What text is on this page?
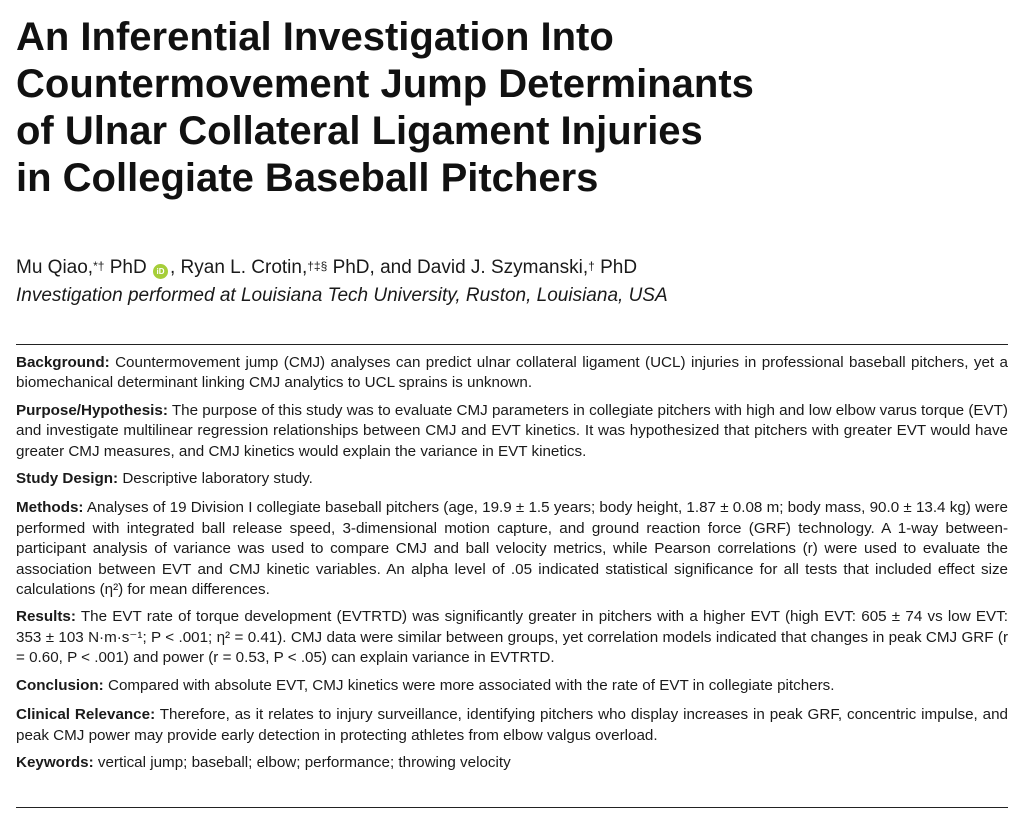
An Inferential Investigation Into
Countermovement Jump Determinants
of Ulnar Collateral Ligament Injuries
in Collegiate Baseball Pitchers
Mu Qiao,*† PhD iD , Ryan L. Crotin,†‡§ PhD, and David J. Szymanski,† PhD
Investigation performed at Louisiana Tech University, Ruston, Louisiana, USA

Background: Countermovement jump (CMJ) analyses can predict ulnar collateral ligament (UCL) injuries in professional baseball pitchers, yet a biomechanical determinant linking CMJ analytics to UCL sprains is unknown.

Purpose/Hypothesis: The purpose of this study was to evaluate CMJ parameters in collegiate pitchers with high and low elbow varus torque (EVT) and investigate multilinear regression relationships between CMJ and EVT kinetics. It was hypothesized that pitchers with greater EVT would have greater CMJ measures, and CMJ kinetics would explain the variance in EVT kinetics.

Study Design: Descriptive laboratory study.

Methods: Analyses of 19 Division I collegiate baseball pitchers (age, 19.9 ± 1.5 years; body height, 1.87 ± 0.08 m; body mass, 90.0 ± 13.4 kg) were performed with integrated ball release speed, 3-dimensional motion capture, and ground reaction force (GRF) technology. A 1-way between-participant analysis of variance was used to compare CMJ and ball velocity metrics, while Pearson correlations (r) were used to evaluate the association between EVT and CMJ kinetic variables. An alpha level of .05 indicated statistical significance for all tests that included effect size calculations (η²) for mean differences.

Results: The EVT rate of torque development (EVTRTD) was significantly greater in pitchers with a higher EVT (high EVT: 605 ± 74 vs low EVT: 353 ± 103 N·m·s⁻¹; P < .001; η² = 0.41). CMJ data were similar between groups, yet correlation models indicated that changes in peak CMJ GRF (r = 0.60, P < .001) and power (r = 0.53, P < .05) can explain variance in EVTRTD.

Conclusion: Compared with absolute EVT, CMJ kinetics were more associated with the rate of EVT in collegiate pitchers.

Clinical Relevance: Therefore, as it relates to injury surveillance, identifying pitchers who display increases in peak GRF, concentric impulse, and peak CMJ power may provide early detection in protecting athletes from elbow valgus overload.

Keywords: vertical jump; baseball; elbow; performance; throwing velocity
